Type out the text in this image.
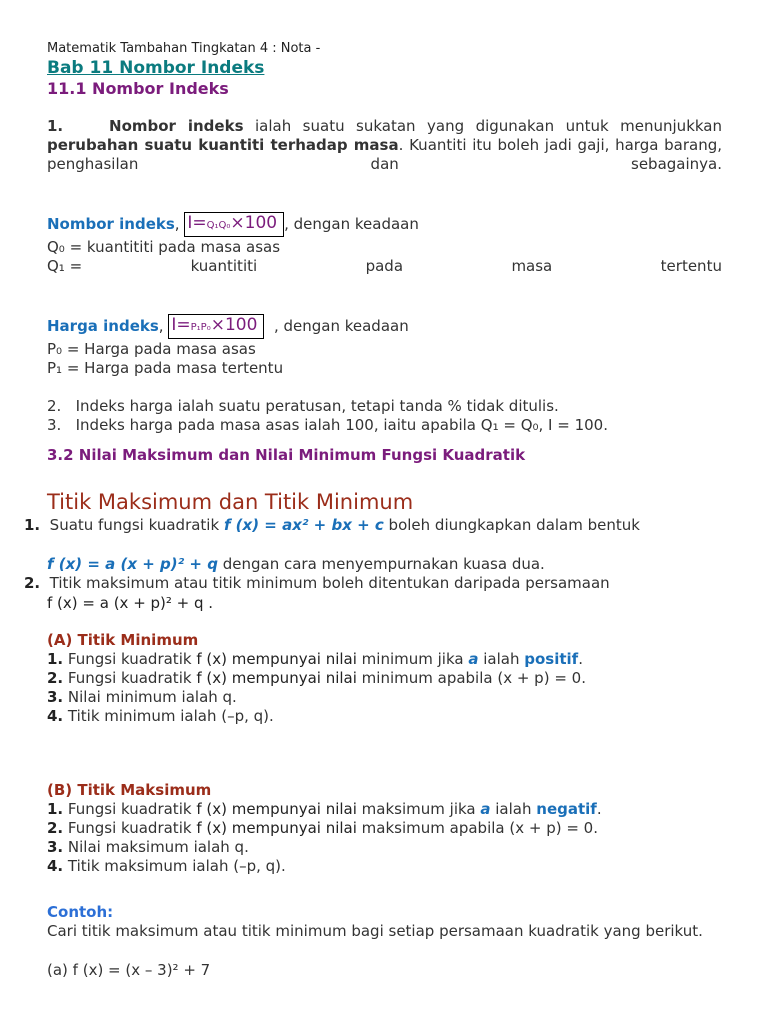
Matematik Tambahan Tingkatan 4 : Nota -
Bab 11 Nombor Indeks
11.1 Nombor Indeks
1.	Nombor indeks ialah suatu sukatan yang digunakan untuk menunjukkan perubahan suatu kuantiti terhadap masa. Kuantiti itu boleh jadi gaji, harga barang, penghasilan dan sebagainya.
Nombor indeks, I=Q₁Q₀×100 , dengan keadaan
Q₀ = kuantititi pada masa asas
Q₁ =	kuantititi	pada	masa	tertentu
Harga indeks, I=P₁P₀×100  , dengan keadaan
P₀ = Harga pada masa asas
P₁ = Harga pada masa tertentu
2.   Indeks harga ialah suatu peratusan, tetapi tanda % tidak ditulis.
3.   Indeks harga pada masa asas ialah 100, iaitu apabila Q₁ = Q₀, I = 100.
3.2 Nilai Maksimum dan Nilai Minimum Fungsi Kuadratik
Titik Maksimum dan Titik Minimum
1.  Suatu fungsi kuadratik f (x) = ax² + bx + c boleh diungkapkan dalam bentuk
f (x) = a (x + p)² + q dengan cara menyempurnakan kuasa dua.
2.  Titik maksimum atau titik minimum boleh ditentukan daripada persamaan
f (x) = a (x + p)² + q .
(A) Titik Minimum
1. Fungsi kuadratik f (x) mempunyai nilai minimum jika a ialah positif.
2. Fungsi kuadratik f (x) mempunyai nilai minimum apabila (x + p) = 0.
3. Nilai minimum ialah q.
4. Titik minimum ialah (–p, q).
(B) Titik Maksimum
1. Fungsi kuadratik f (x) mempunyai nilai maksimum jika a ialah negatif.
2. Fungsi kuadratik f (x) mempunyai nilai maksimum apabila (x + p) = 0.
3. Nilai maksimum ialah q.
4. Titik maksimum ialah (–p, q).
Contoh:
Cari titik maksimum atau titik minimum bagi setiap persamaan kuadratik yang berikut.
(a) f (x) = (x – 3)² + 7
